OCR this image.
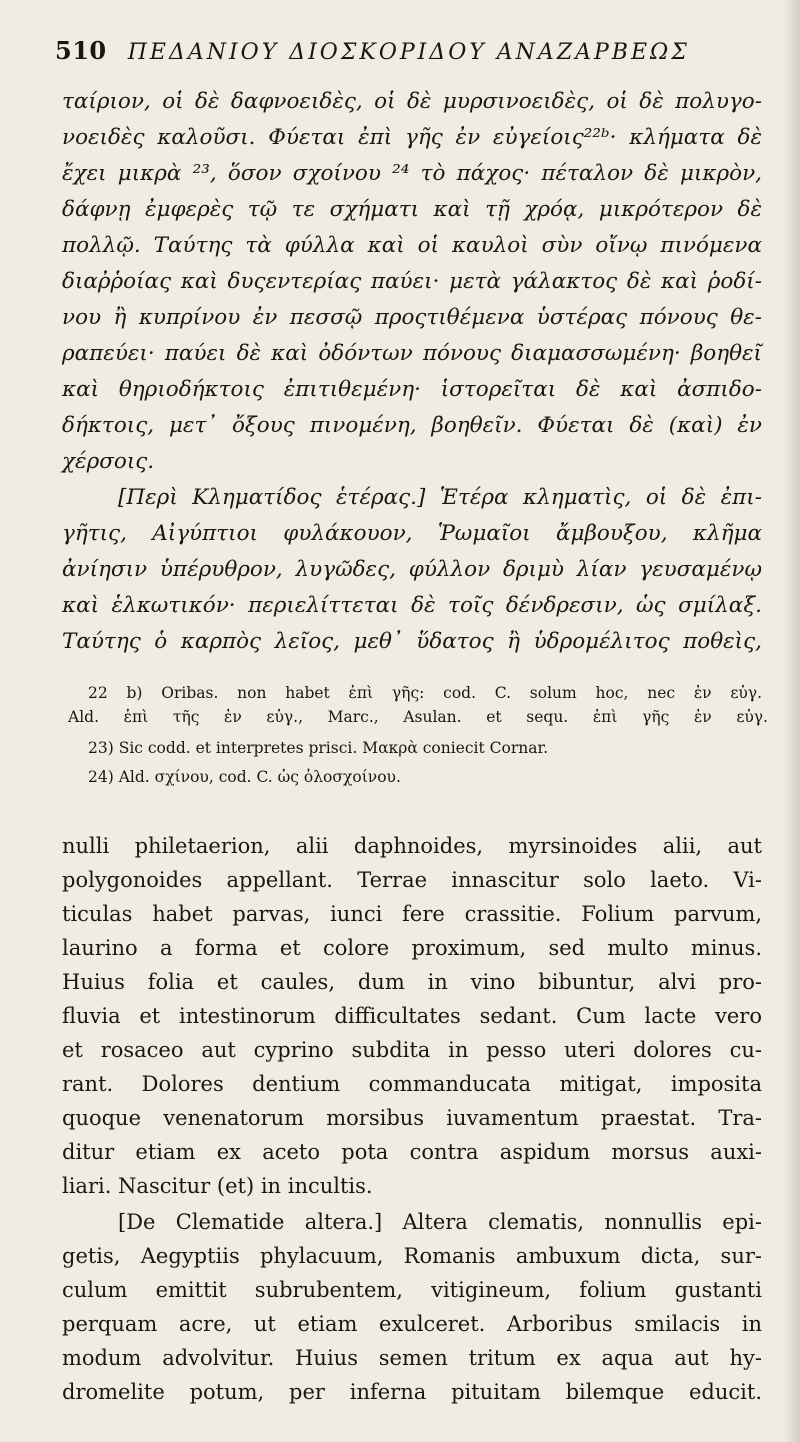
510 ΠΕΔΑΝΙΟΥ ΔΙΟΣΚΟΡΙΔΟΥ ΑΝΑΖΑΡΒΕΩΣ
ταίριον, οἱ δὲ δαφνοειδὲς, οἱ δὲ μυρσινοειδὲς, οἱ δὲ πολυγο-
νοειδὲς καλοῦσι. Φύεται ἐπὶ γῆς ἐν εὐγείοις²²ᵇ· κλήματα δὲ
ἔχει μικρὰ ²³, ὅσον σχοίνου ²⁴ τὸ πάχος· πέταλον δὲ μικρὸν,
δάφνῃ ἐμφερὲς τῷ τε σχήματι καὶ τῇ χρόᾳ, μικρότερον δὲ
πολλῷ. Ταύτης τὰ φύλλα καὶ οἱ καυλοὶ σὺν οἴνῳ πινόμενα
διαῤῥοίας καὶ δυςεντερίας παύει· μετὰ γάλακτος δὲ καὶ ῥοδί-
νου ἢ κυπρίνου ἐν πεσσῷ προςτιθέμενα ὑστέρας πόνους θε-
ραπεύει· παύει δὲ καὶ ὀδόντων πόνους διαμασσωμένη· βοηθεῖ
καὶ θηριοδήκτοις ἐπιτιθεμένη· ἱστορεῖται δὲ καὶ ἀσπιδο-
δήκτοις, μετ᾽ ὄξους πινομένη, βοηθεῖν. Φύεται δὲ (καὶ) ἐν
χέρσοις.
[Περὶ Κληματίδος ἑτέρας.] Ἑτέρα κληματὶς, οἱ δὲ ἐπι-
γῆτις, Αἰγύπτιοι φυλάκουον, Ῥωμαῖοι ἄμβουξου, κλῆμα
ἀνίησιν ὑπέρυθρον, λυγῶδες, φύλλον δριμὺ λίαν γευσαμένῳ
καὶ ἑλκωτικόν· περιελίττεται δὲ τοῖς δένδρεσιν, ὡς σμίλαξ.
Ταύτης ὁ καρπὸς λεῖος, μεθ᾽ ὕδατος ἢ ὑδρομέλιτος ποθεὶς,
22 b) Oribas. non habet ἐπὶ γῆς: cod. C. solum hoc, nec ἐν εὐγ.
Ald. ἐπὶ τῆς ἐν εὐγ., Marc., Asulan. et sequ. ἐπὶ γῆς ἐν εὐγ.
23) Sic codd. et interpretes prisci. Μακρὰ coniecit Cornar.
24) Ald. σχίνου, cod. C. ὡς ὁλοσχοίνου.
nulli philetaerion, alii daphnoides, myrsinoides alii, aut
polygonoides appellant. Terrae innascitur solo laeto. Vi-
ticulas habet parvas, iunci fere crassitie. Folium parvum,
laurino a forma et colore proximum, sed multo minus.
Huius folia et caules, dum in vino bibuntur, alvi pro-
fluvia et intestinorum difficultates sedant. Cum lacte vero
et rosaceo aut cyprino subdita in pesso uteri dolores cu-
rant. Dolores dentium commanducata mitigat, imposita
quoque venenatorum morsibus iuvamentum praestat. Tra-
ditur etiam ex aceto pota contra aspidum morsus auxi-
liari. Nascitur (et) in incultis.
[De Clematide altera.] Altera clematis, nonnullis epi-
getis, Aegyptiis phylacuum, Romanis ambuxum dicta, sur-
culum emittit subrubentem, vitigineum, folium gustanti
perquam acre, ut etiam exulceret. Arboribus smilacis in
modum advolvitur. Huius semen tritum ex aqua aut hy-
dromelite potum, per inferna pituitam bilemque educit.
